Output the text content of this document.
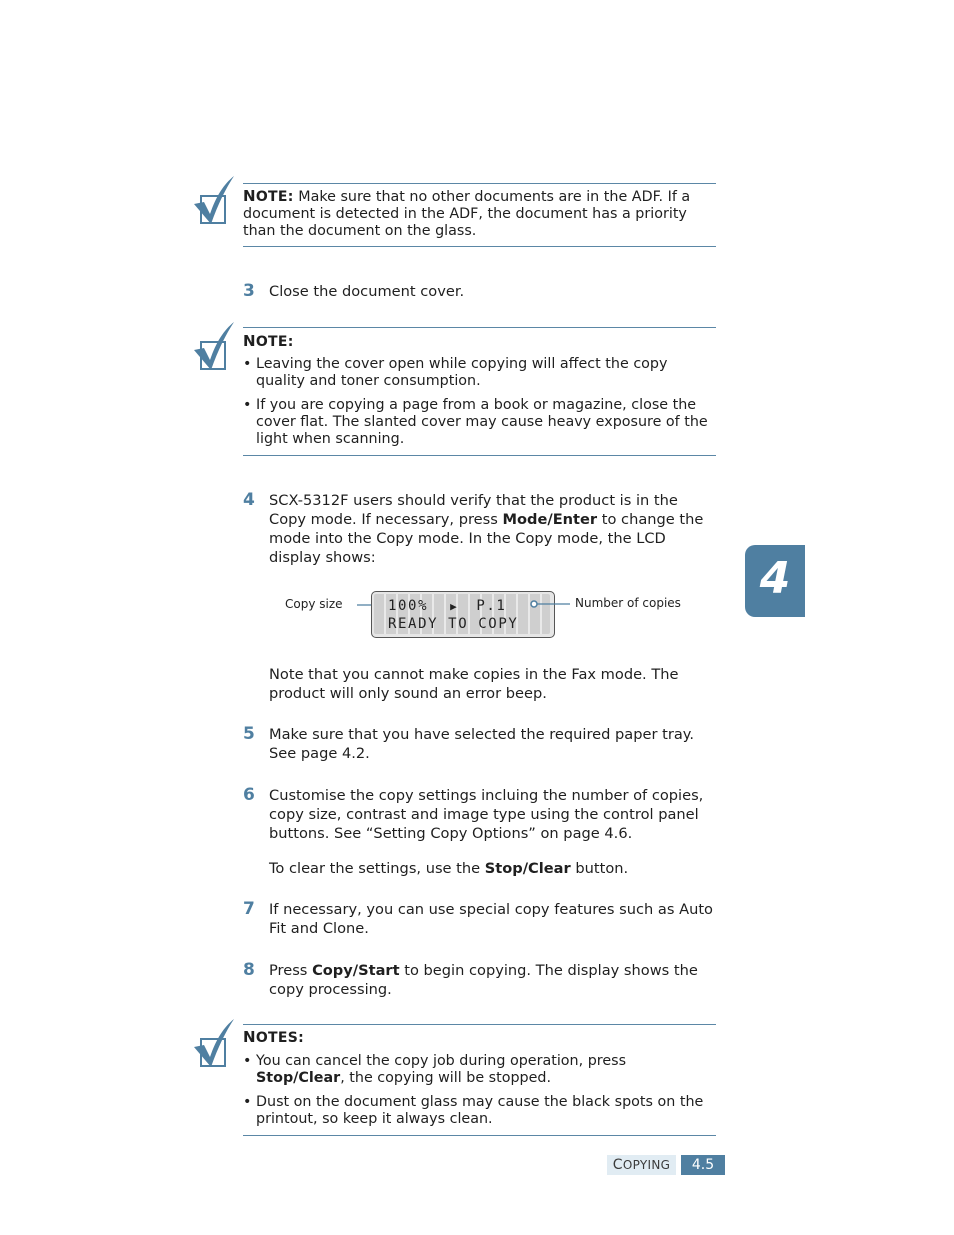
NOTE: Make sure that no other documents are in the ADF. If a document is detected in the ADF, the document has a priority than the document on the glass.
3 Close the document cover.
NOTE:
• Leaving the cover open while copying will affect the copy quality and toner consumption.
• If you are copying a page from a book or magazine, close the cover flat. The slanted cover may cause heavy exposure of the light when scanning.
4 SCX-5312F users should verify that the product is in the Copy mode. If necessary, press Mode/Enter to change the mode into the Copy mode. In the Copy mode, the LCD display shows:
Copy size	100% ▶ P.1
READY TO COPY
Number of copies
Note that you cannot make copies in the Fax mode. The product will only sound an error beep.
5 Make sure that you have selected the required paper tray. See page 4.2.
6 Customise the copy settings incluing the number of copies, copy size, contrast and image type using the control panel buttons. See “Setting Copy Options” on page 4.6.
To clear the settings, use the Stop/Clear button.
7 If necessary, you can use special copy features such as Auto Fit and Clone.
8 Press Copy/Start to begin copying. The display shows the copy processing.
NOTES:
• You can cancel the copy job during operation, press Stop/Clear, the copying will be stopped.
• Dust on the document glass may cause the black spots on the printout, so keep it always clean.
4
COPYING	4.5
